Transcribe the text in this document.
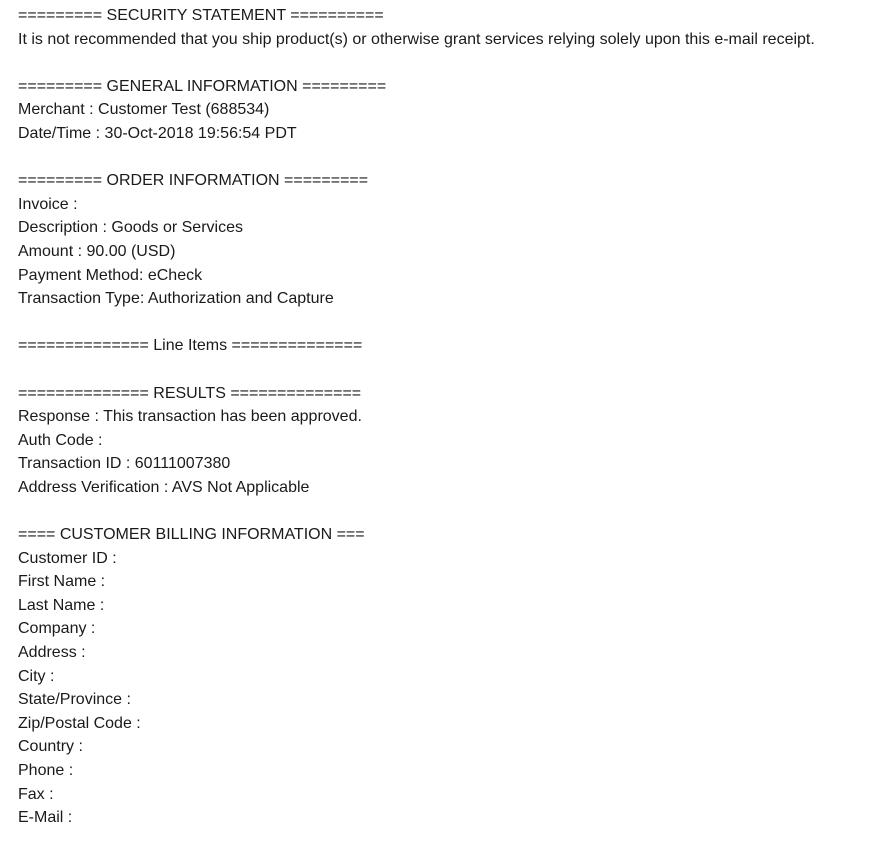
========= SECURITY STATEMENT ==========
It is not recommended that you ship product(s) or otherwise grant services relying solely upon this e-mail receipt.
========= GENERAL INFORMATION =========
Merchant : Customer Test (688534)
Date/Time : 30-Oct-2018 19:56:54 PDT
========= ORDER INFORMATION =========
Invoice :
Description : Goods or Services
Amount : 90.00 (USD)
Payment Method: eCheck
Transaction Type: Authorization and Capture
============== Line Items ==============
============== RESULTS ==============
Response : This transaction has been approved.
Auth Code :
Transaction ID : 60111007380
Address Verification : AVS Not Applicable
==== CUSTOMER BILLING INFORMATION ===
Customer ID :
First Name :
Last Name :
Company :
Address :
City :
State/Province :
Zip/Postal Code :
Country :
Phone :
Fax :
E-Mail :
